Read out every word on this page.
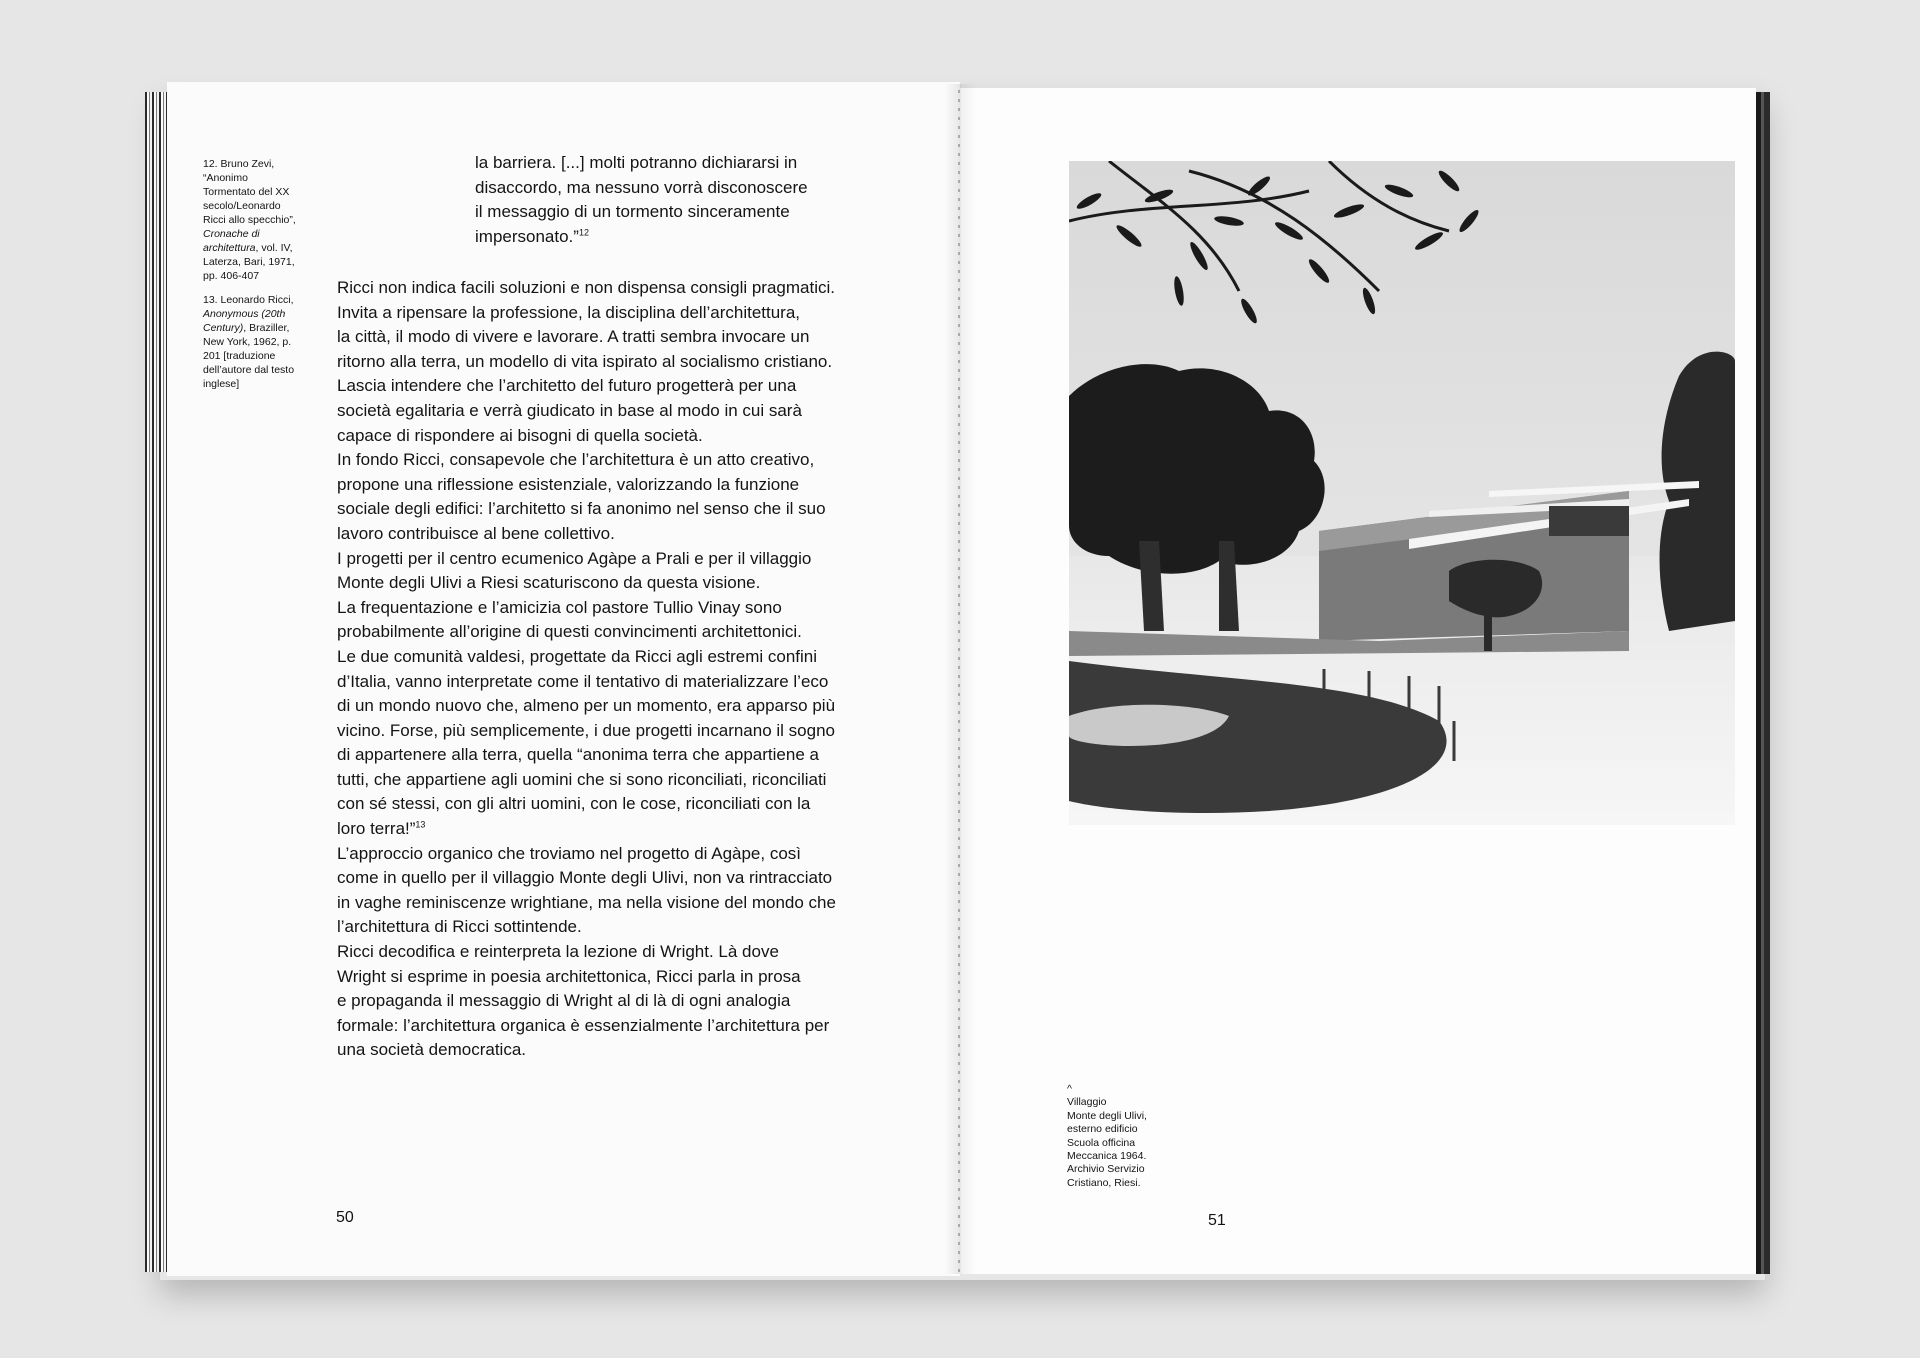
12. Bruno Zevi, “Anonimo Tormentato del XX secolo/Leonardo Ricci allo specchio”, Cronache di architettura, vol. IV, Laterza, Bari, 1971, pp. 406-407
13. Leonardo Ricci, Anonymous (20th Century), Braziller, New York, 1962, p. 201 [traduzione dell’autore dal testo inglese]
la barriera. [...] molti potranno dichiararsi in
disaccordo, ma nessuno vorrà disconoscere
il messaggio di un tormento sinceramente
impersonato.”$^{12}$

Ricci non indica facili soluzioni e non dispensa consigli pragmatici.
Invita a ripensare la professione, la disciplina dell’architettura,
la città, il modo di vivere e lavorare. A tratti sembra invocare un
ritorno alla terra, un modello di vita ispirato al socialismo cristiano.
Lascia intendere che l’architetto del futuro progetterà per una
società egalitaria e verrà giudicato in base al modo in cui sarà
capace di rispondere ai bisogni di quella società.

In fondo Ricci, consapevole che l’architettura è un atto creativo,
propone una riflessione esistenziale, valorizzando la funzione
sociale degli edifici: l’architetto si fa anonimo nel senso che il suo
lavoro contribuisce al bene collettivo.

I progetti per il centro ecumenico Agàpe a Prali e per il villaggio
Monte degli Ulivi a Riesi scaturiscono da questa visione.

La frequentazione e l’amicizia col pastore Tullio Vinay sono
probabilmente all’origine di questi convincimenti architettonici.

Le due comunità valdesi, progettate da Ricci agli estremi confini
d’Italia, vanno interpretate come il tentativo di materializzare l’eco
di un mondo nuovo che, almeno per un momento, era apparso più
vicino. Forse, più semplicemente, i due progetti incarnano il sogno
di appartenere alla terra, quella “anonima terra che appartiene a
tutti, che appartiene agli uomini che si sono riconciliati, riconciliati
con sé stessi, con gli altri uomini, con le cose, riconciliati con la
loro terra!”$^{13}$

L’approccio organico che troviamo nel progetto di Agàpe, così
come in quello per il villaggio Monte degli Ulivi, non va rintracciato
in vaghe reminiscenze wrightiane, ma nella visione del mondo che
l’architettura di Ricci sottintende.

Ricci decodifica e reinterpreta la lezione di Wright. Là dove
Wright si esprime in poesia architettonica, Ricci parla in prosa
e propaganda il messaggio di Wright al di là di ogni analogia
formale: l’architettura organica è essenzialmente l’architettura per
una società democratica.

50
^
Villaggio
Monte degli Ulivi,
esterno edificio
Scuola officina
Meccanica 1964.
Archivio Servizio
Cristiano, Riesi.
51
